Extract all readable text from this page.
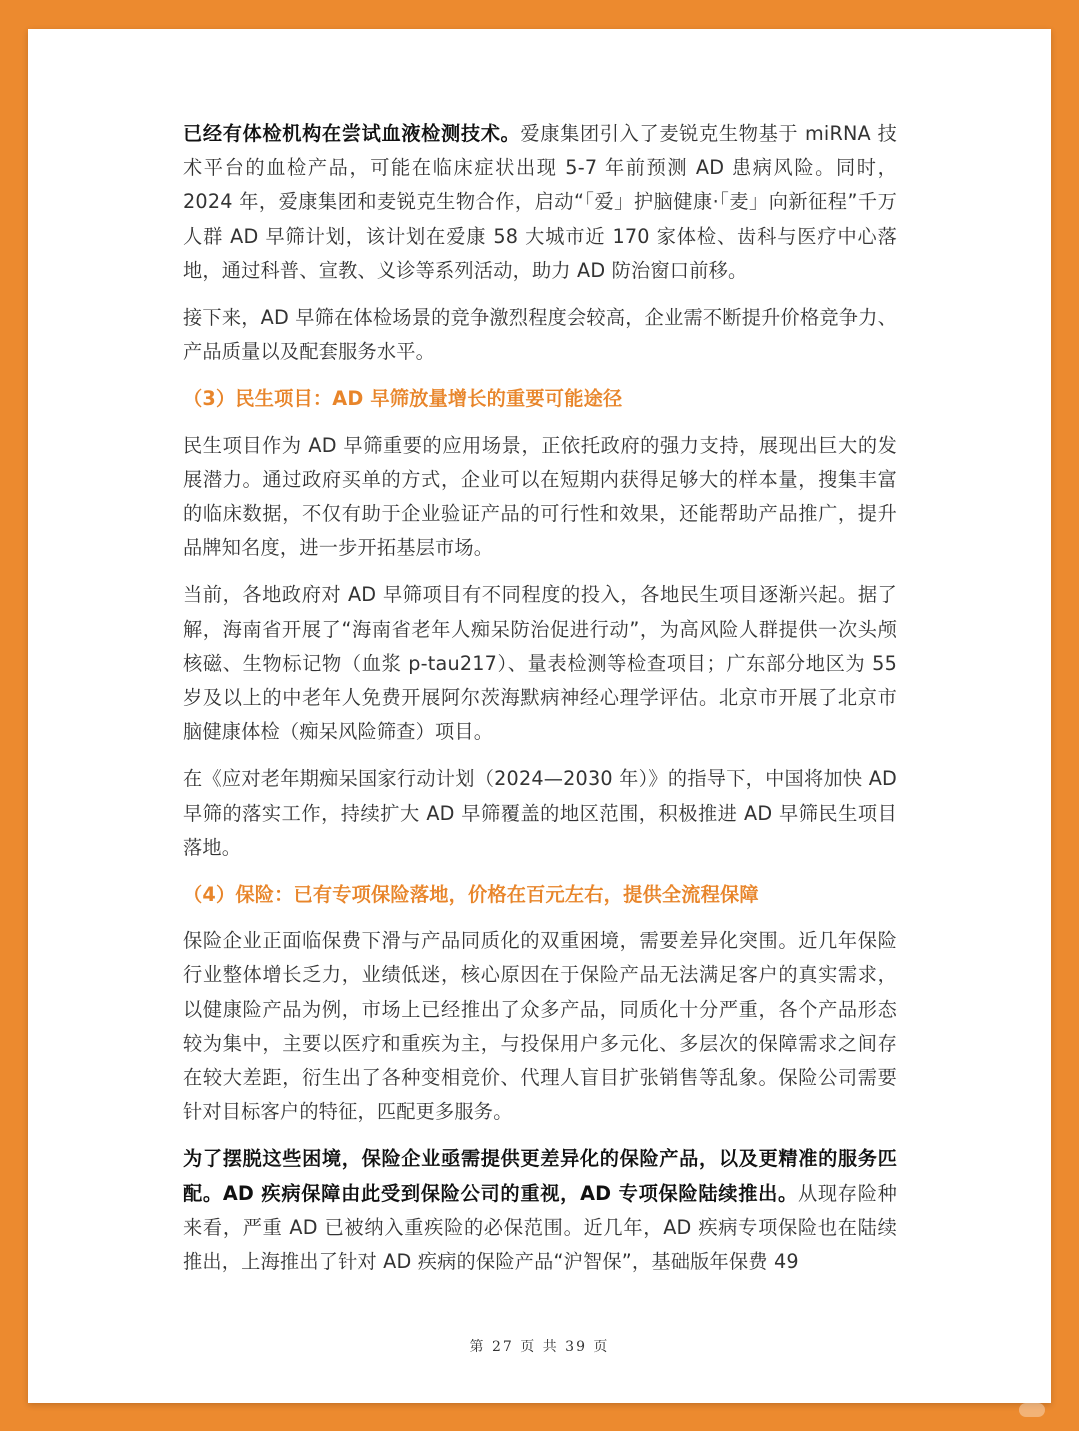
已经有体检机构在尝试血液检测技术。爱康集团引入了麦锐克生物基于 miRNA 技术平台的血检产品，可能在临床症状出现 5-7 年前预测 AD 患病风险。同时，2024 年，爱康集团和麦锐克生物合作，启动“「爱」护脑健康·「麦」向新征程”千万人群 AD 早筛计划，该计划在爱康 58 大城市近 170 家体检、齿科与医疗中心落地，通过科普、宣教、义诊等系列活动，助力 AD 防治窗口前移。

接下来，AD 早筛在体检场景的竞争激烈程度会较高，企业需不断提升价格竞争力、产品质量以及配套服务水平。

（3）民生项目：AD 早筛放量增长的重要可能途径

民生项目作为 AD 早筛重要的应用场景，正依托政府的强力支持，展现出巨大的发展潜力。通过政府买单的方式，企业可以在短期内获得足够大的样本量，搜集丰富的临床数据，不仅有助于企业验证产品的可行性和效果，还能帮助产品推广，提升品牌知名度，进一步开拓基层市场。

当前，各地政府对 AD 早筛项目有不同程度的投入，各地民生项目逐渐兴起。据了解，海南省开展了“海南省老年人痴呆防治促进行动”，为高风险人群提供一次头颅核磁、生物标记物（血浆 p-tau217）、量表检测等检查项目；广东部分地区为 55 岁及以上的中老年人免费开展阿尔茨海默病神经心理学评估。北京市开展了北京市脑健康体检（痴呆风险筛查）项目。

在《应对老年期痴呆国家行动计划（2024—2030 年）》的指导下，中国将加快 AD 早筛的落实工作，持续扩大 AD 早筛覆盖的地区范围，积极推进 AD 早筛民生项目落地。

（4）保险：已有专项保险落地，价格在百元左右，提供全流程保障

保险企业正面临保费下滑与产品同质化的双重困境，需要差异化突围。近几年保险行业整体增长乏力，业绩低迷，核心原因在于保险产品无法满足客户的真实需求，以健康险产品为例，市场上已经推出了众多产品，同质化十分严重，各个产品形态较为集中，主要以医疗和重疾为主，与投保用户多元化、多层次的保障需求之间存在较大差距，衍生出了各种变相竞价、代理人盲目扩张销售等乱象。保险公司需要针对目标客户的特征，匹配更多服务。

为了摆脱这些困境，保险企业亟需提供更差异化的保险产品，以及更精准的服务匹配。AD 疾病保障由此受到保险公司的重视，AD 专项保险陆续推出。从现存险种来看，严重 AD 已被纳入重疾险的必保范围。近几年，AD 疾病专项保险也在陆续推出，上海推出了针对 AD 疾病的保险产品“沪智保”，基础版年保费 49

第 27 页 共 39 页
